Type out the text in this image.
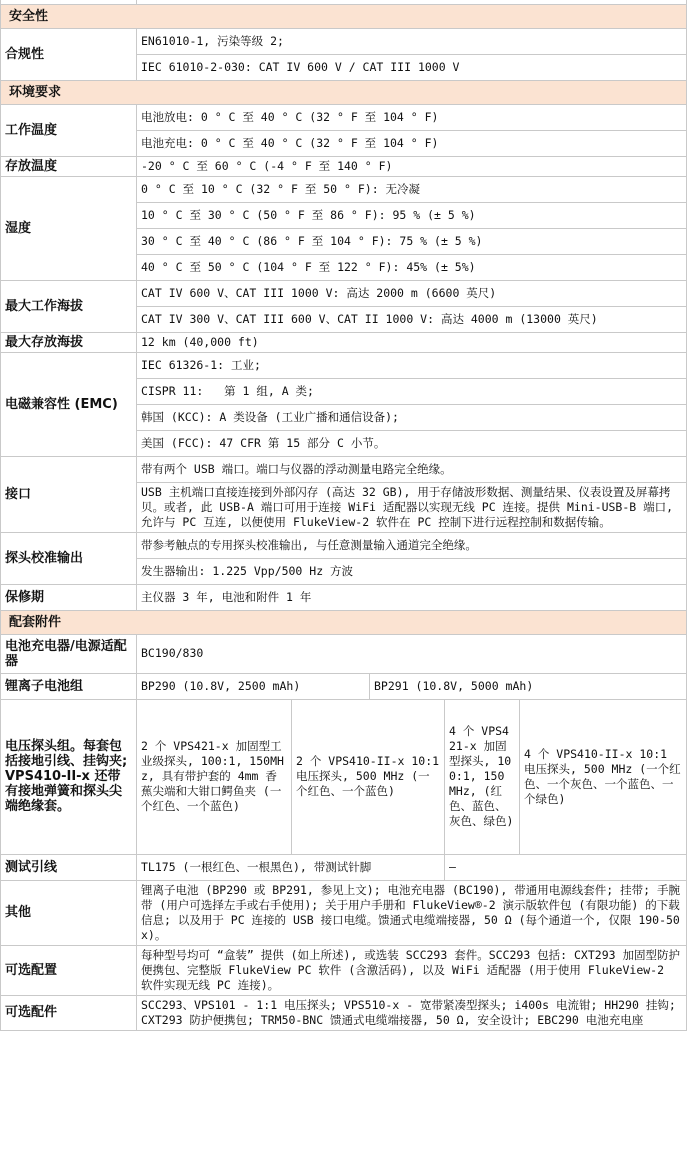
安全性					
合规性	EN61010-1, 污染等级 2;				
	IEC 61010-2-030: CAT IV 600 V / CAT III 1000 V				
环境要求					
工作温度	电池放电: 0 ° C 至 40 ° C (32 ° F 至 104 ° F)				
	电池充电: 0 ° C 至 40 ° C (32 ° F 至 104 ° F)				
存放温度	-20 ° C 至 60 ° C (-4 ° F 至 140 ° F)				
湿度	0 ° C 至 10 ° C (32 ° F 至 50 ° F): 无冷凝				
	10 ° C 至 30 ° C (50 ° F 至 86 ° F): 95 % (± 5 %)				
	30 ° C 至 40 ° C (86 ° F 至 104 ° F): 75 % (± 5 %)				
	40 ° C 至 50 ° C (104 ° F 至 122 ° F): 45% (± 5%)				
最大工作海拔	CAT IV 600 V、CAT III 1000 V: 高达 2000 m (6600 英尺)				
	CAT IV 300 V、CAT III 600 V、CAT II 1000 V: 高达 4000 m (13000 英尺)				
最大存放海拔	12 km (40,000 ft)				
电磁兼容性 (EMC)	IEC 61326-1: 工业;				
	CISPR 11:   第 1 组, A 类;				
	韩国 (KCC): A 类设备 (工业广播和通信设备);				
	美国 (FCC): 47 CFR 第 15 部分 C 小节。				
接口	带有两个 USB 端口。端口与仪器的浮动测量电路完全绝缘。				
	USB 主机端口直接连接到外部闪存 (高达 32 GB), 用于存储波形数据、测量结果、仪表设置及屏幕拷贝。或者, 此 USB-A 端口可用于连接 WiFi 适配器以实现无线 PC 连接。提供 Mini-USB-B 端口, 允许与 PC 互连, 以便使用 FlukeView-2 软件在 PC 控制下进行远程控制和数据传输。				
探头校准输出	带参考触点的专用探头校准输出, 与任意测量输入通道完全绝缘。				
	发生器输出: 1.225 Vpp/500 Hz 方波				
保修期	主仪器 3 年, 电池和附件 1 年				
配套附件					
电池充电器/电源适配器	BC190/830				
锂离子电池组	BP290 (10.8V, 2500 mAh)		BP291 (10.8V, 5000 mAh)		
电压探头组。每套包括接地引线、挂钩夹; VPS410-II-x 还带有接地弹簧和探头尖端绝缘套。	2 个 VPS421-x 加固型工业级探头, 100:1, 150MHz, 具有带护套的 4mm 香蕉尖端和大钳口鳄鱼夹 (一个红色、一个蓝色)	2 个 VPS410-II-x 10:1 电压探头, 500 MHz (一个红色、一个蓝色)		4 个 VPS421-x 加固型探头, 100:1, 150 MHz, (红色、蓝色、灰色、绿色)	4 个 VPS410-II-x 10:1 电压探头, 500 MHz (一个红色、一个灰色、一个蓝色、一个绿色)
测试引线	TL175 (一根红色、一根黑色), 带测试针脚			—	
其他	锂离子电池 (BP290 或 BP291, 参见上文); 电池充电器 (BC190), 带通用电源线套件; 挂带; 手腕带 (用户可选择左手或右手使用); 关于用户手册和 FlukeView®-2 演示版软件包 (有限功能) 的下载信息; 以及用于 PC 连接的 USB 接口电缆。馈通式电缆端接器, 50 Ω (每个通道一个, 仅限 190-50x)。				
可选配置	每种型号均可 “盒装” 提供 (如上所述), 或选装 SCC293 套件。SCC293 包括: CXT293 加固型防护便携包、完整版 FlukeView PC 软件 (含激活码), 以及 WiFi 适配器 (用于使用 FlukeView-2 软件实现无线 PC 连接)。				
可选配件	SCC293、VPS101 - 1:1 电压探头; VPS510-x - 宽带紧凑型探头; i400s 电流钳; HH290 挂钩; CXT293 防护便携包; TRM50-BNC 馈通式电缆端接器, 50 Ω, 安全设计; EBC290 电池充电座				
